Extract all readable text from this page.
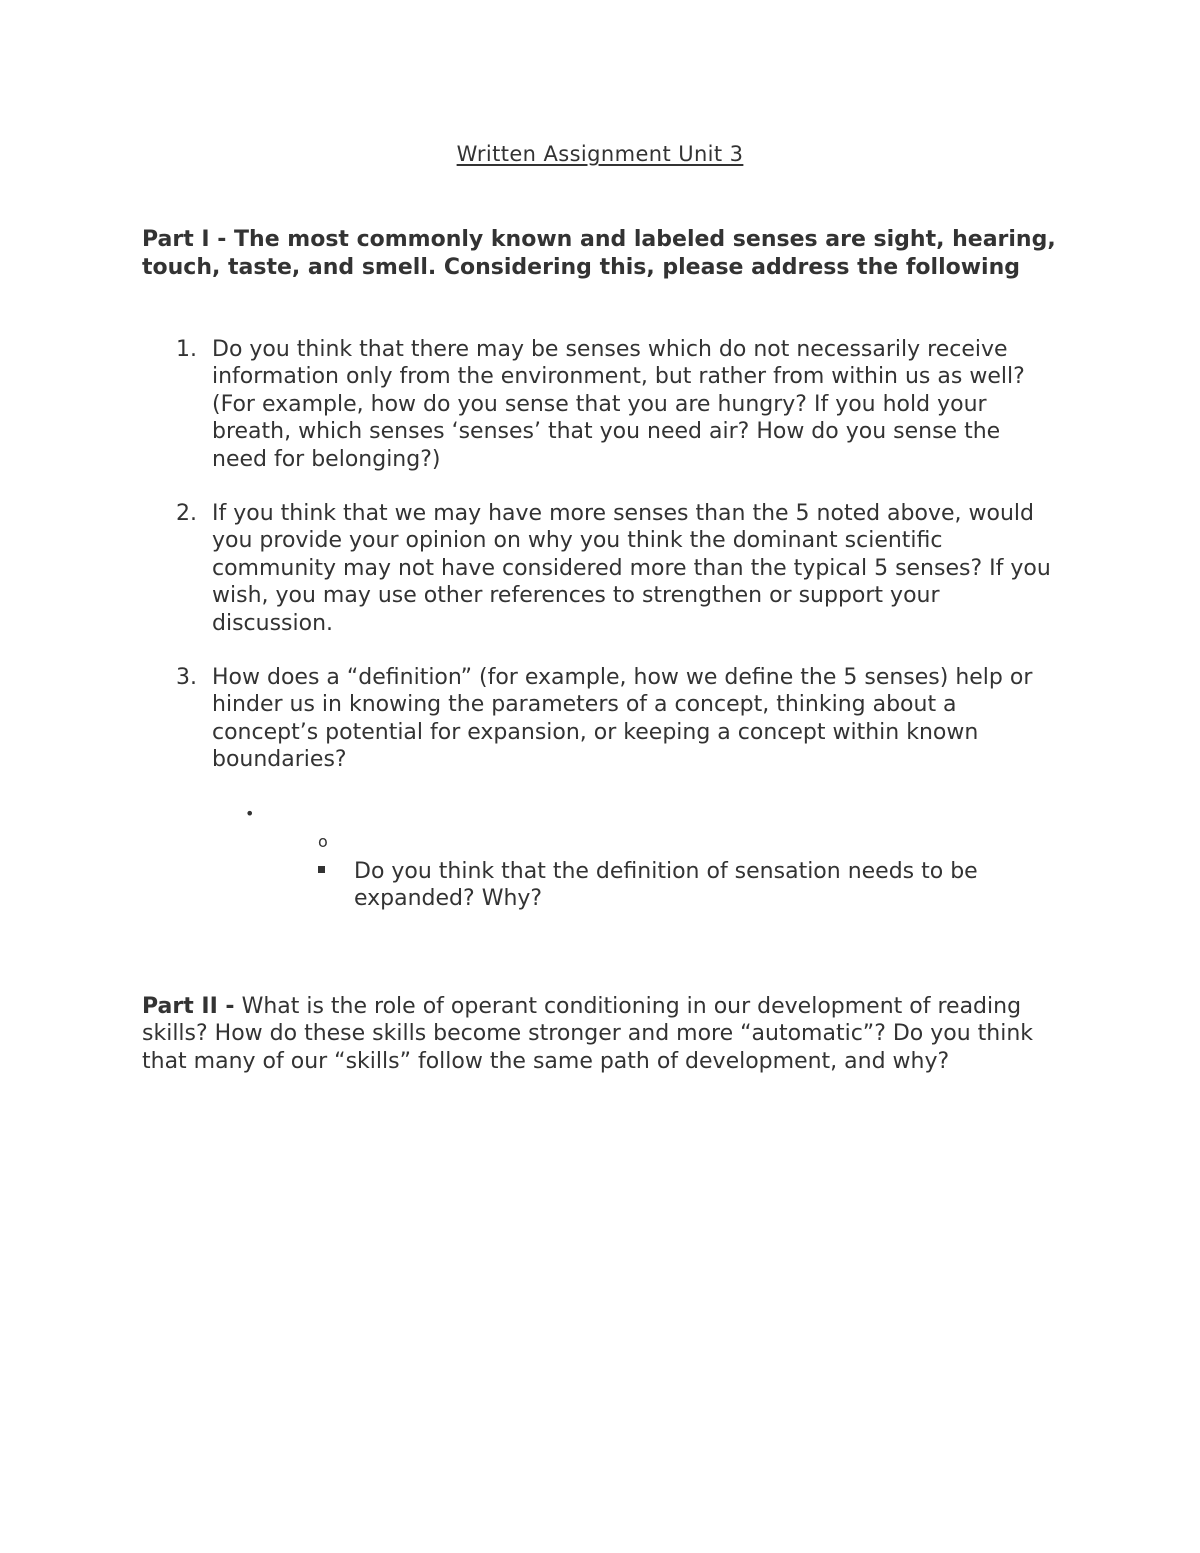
Written Assignment Unit 3

Part I - The most commonly known and labeled senses are sight, hearing, touch, taste, and smell. Considering this, please address the following

1. Do you think that there may be senses which do not necessarily receive information only from the environment, but rather from within us as well? (For example, how do you sense that you are hungry? If you hold your breath, which senses ‘senses’ that you need air? How do you sense the need for belonging?)
2. If you think that we may have more senses than the 5 noted above, would you provide your opinion on why you think the dominant scientific community may not have considered more than the typical 5 senses? If you wish, you may use other references to strengthen or support your discussion.
3. How does a “definition” (for example, how we define the 5 senses) help or hinder us in knowing the parameters of a concept, thinking about a concept’s potential for expansion, or keeping a concept within known boundaries?
•
o
Do you think that the definition of sensation needs to be expanded? Why?

Part II - What is the role of operant conditioning in our development of reading skills? How do these skills become stronger and more “automatic”? Do you think that many of our “skills” follow the same path of development, and why?
